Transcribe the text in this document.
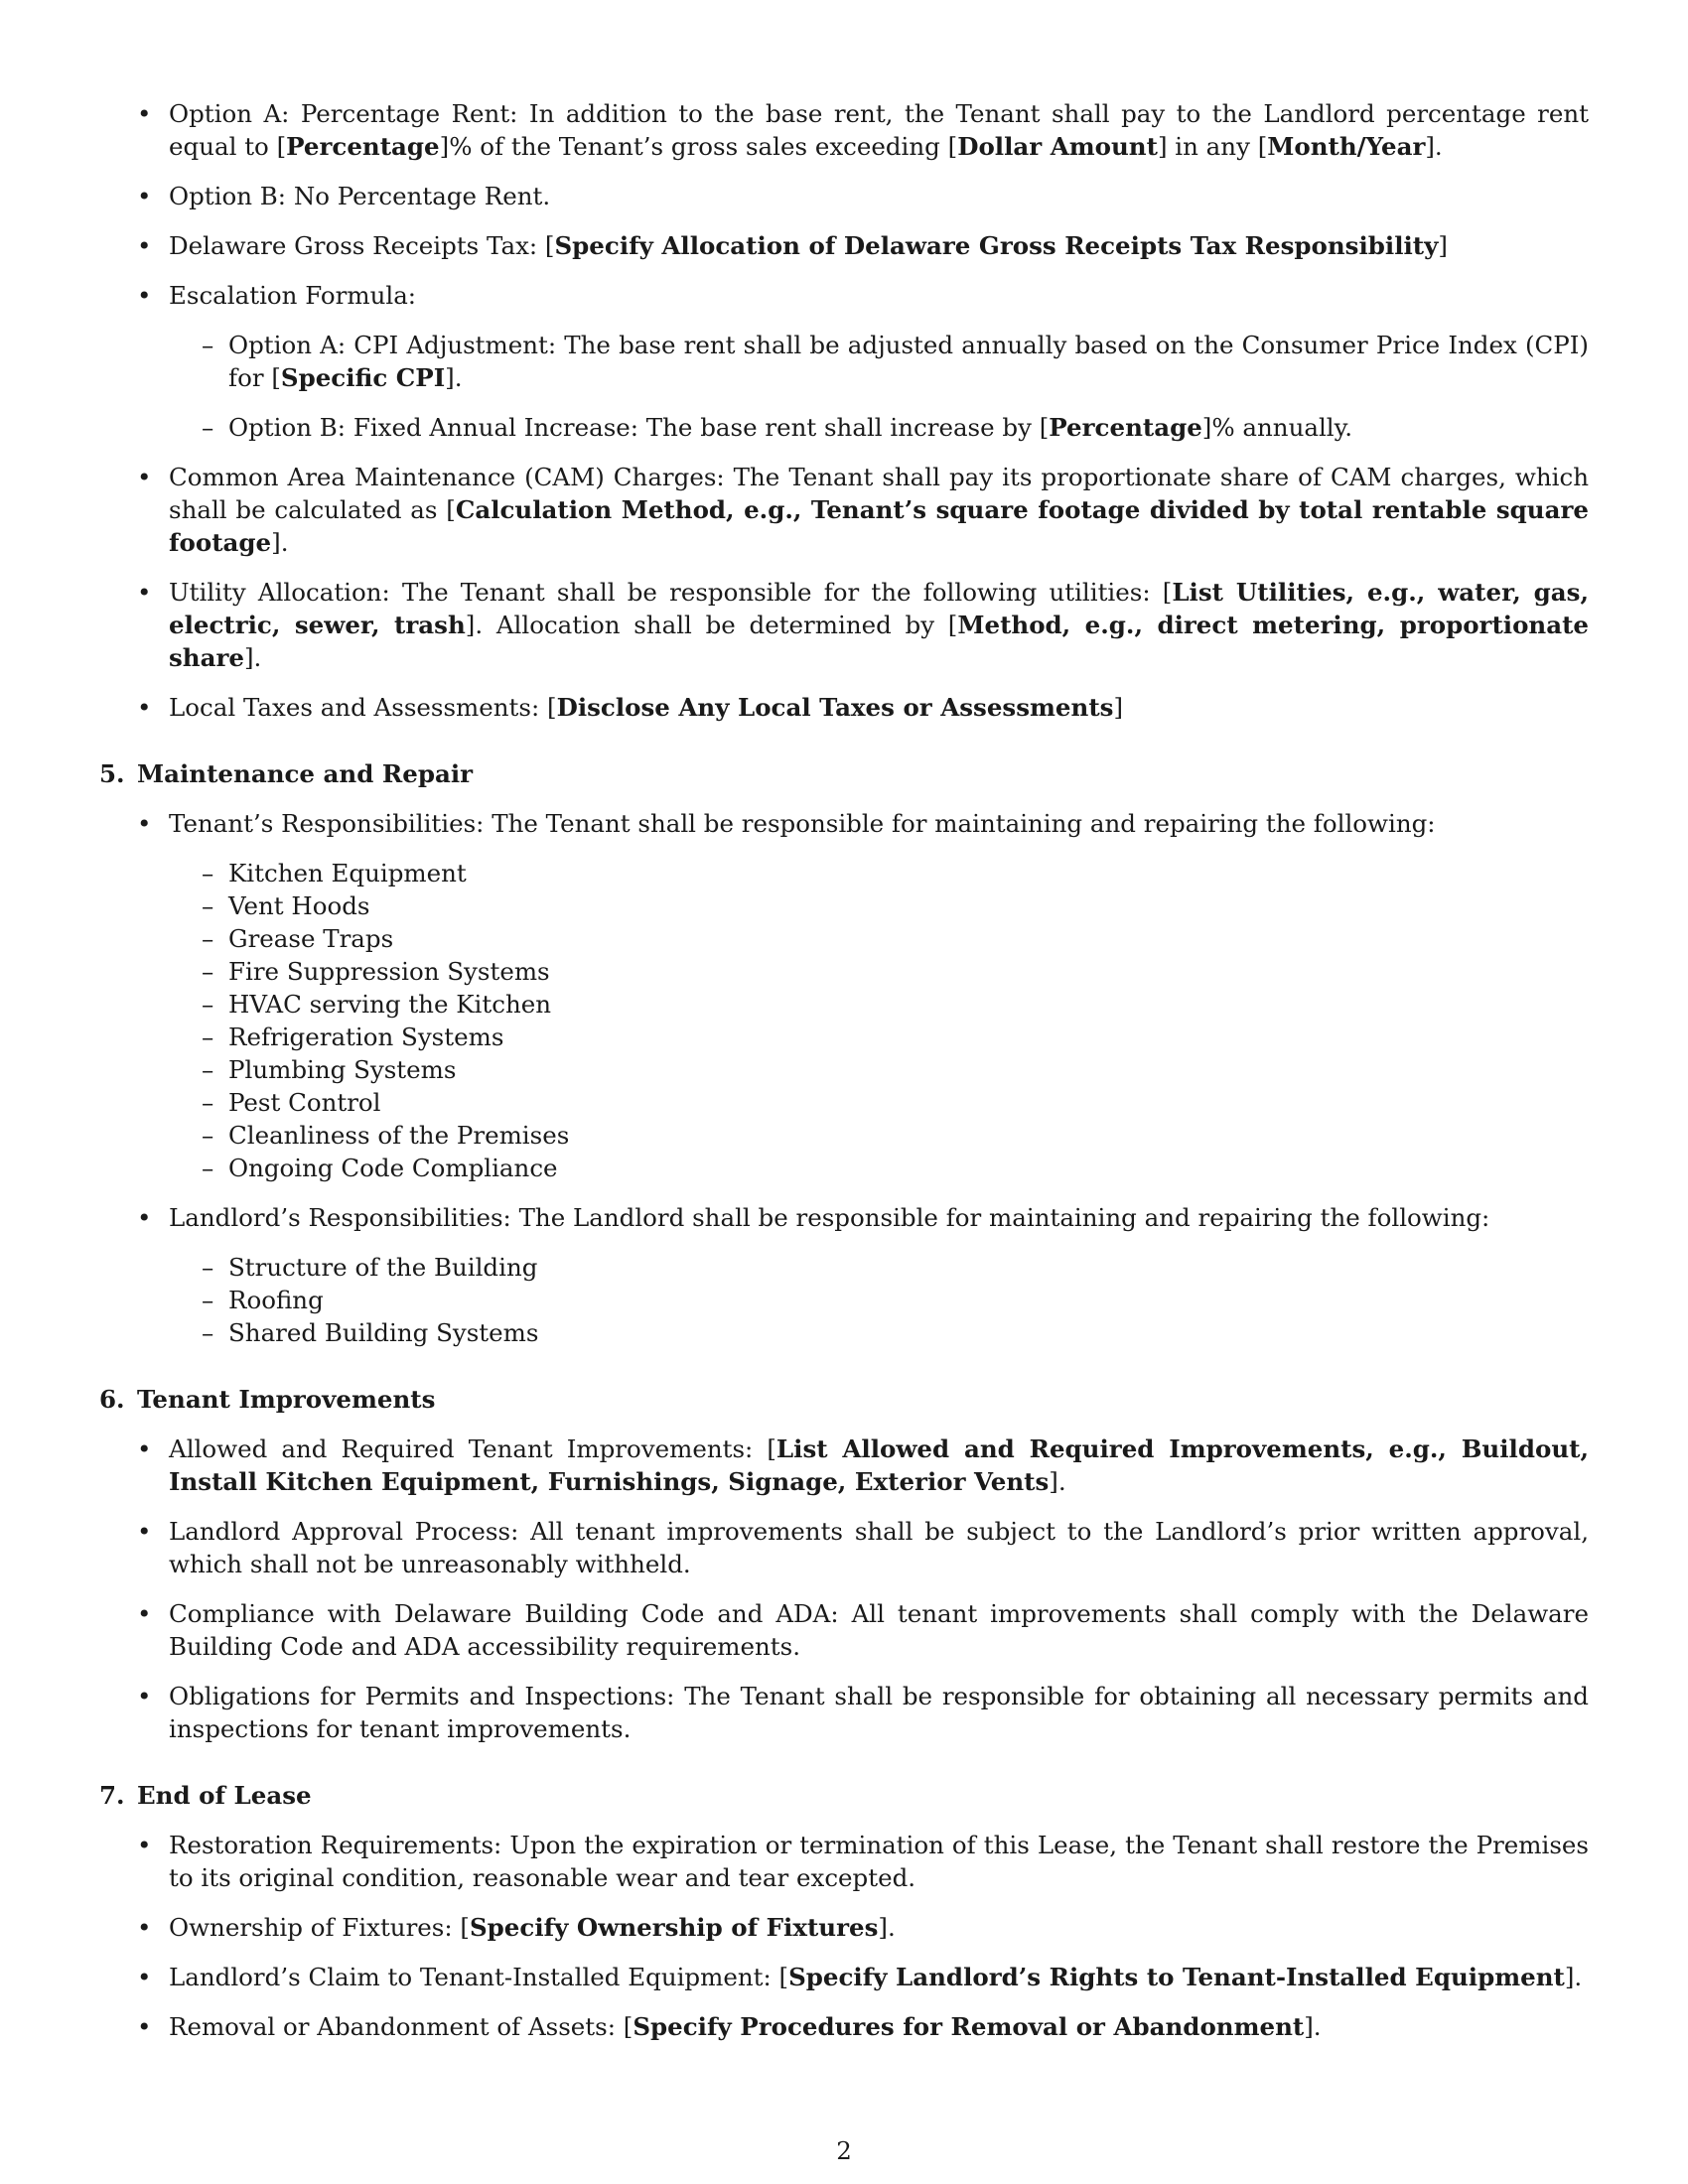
• Option A: Percentage Rent: In addition to the base rent, the Tenant shall pay to the Landlord percentage rent equal to [Percentage]% of the Tenant’s gross sales exceeding [Dollar Amount] in any [Month/Year].
• Option B: No Percentage Rent.
• Delaware Gross Receipts Tax: [Specify Allocation of Delaware Gross Receipts Tax Responsibility]
• Escalation Formula:
– Option A: CPI Adjustment: The base rent shall be adjusted annually based on the Consumer Price Index (CPI) for [Specific CPI].
– Option B: Fixed Annual Increase: The base rent shall increase by [Percentage]% annually.
• Common Area Maintenance (CAM) Charges: The Tenant shall pay its proportionate share of CAM charges, which shall be calculated as [Calculation Method, e.g., Tenant’s square footage divided by total rentable square footage].
• Utility Allocation: The Tenant shall be responsible for the following utilities: [List Utilities, e.g., water, gas, electric, sewer, trash]. Allocation shall be determined by [Method, e.g., direct metering, proportionate share].
• Local Taxes and Assessments: [Disclose Any Local Taxes or Assessments]
5. Maintenance and Repair
• Tenant’s Responsibilities: The Tenant shall be responsible for maintaining and repairing the following:
– Kitchen Equipment
– Vent Hoods
– Grease Traps
– Fire Suppression Systems
– HVAC serving the Kitchen
– Refrigeration Systems
– Plumbing Systems
– Pest Control
– Cleanliness of the Premises
– Ongoing Code Compliance
• Landlord’s Responsibilities: The Landlord shall be responsible for maintaining and repairing the following:
– Structure of the Building
– Roofing
– Shared Building Systems
6. Tenant Improvements
• Allowed and Required Tenant Improvements: [List Allowed and Required Improvements, e.g., Buildout, Install Kitchen Equipment, Furnishings, Signage, Exterior Vents].
• Landlord Approval Process: All tenant improvements shall be subject to the Landlord’s prior written approval, which shall not be unreasonably withheld.
• Compliance with Delaware Building Code and ADA: All tenant improvements shall comply with the Delaware Building Code and ADA accessibility requirements.
• Obligations for Permits and Inspections: The Tenant shall be responsible for obtaining all necessary permits and inspections for tenant improvements.
7. End of Lease
• Restoration Requirements: Upon the expiration or termination of this Lease, the Tenant shall restore the Premises to its original condition, reasonable wear and tear excepted.
• Ownership of Fixtures: [Specify Ownership of Fixtures].
• Landlord’s Claim to Tenant-Installed Equipment: [Specify Landlord’s Rights to Tenant-Installed Equipment].
• Removal or Abandonment of Assets: [Specify Procedures for Removal or Abandonment].
2
